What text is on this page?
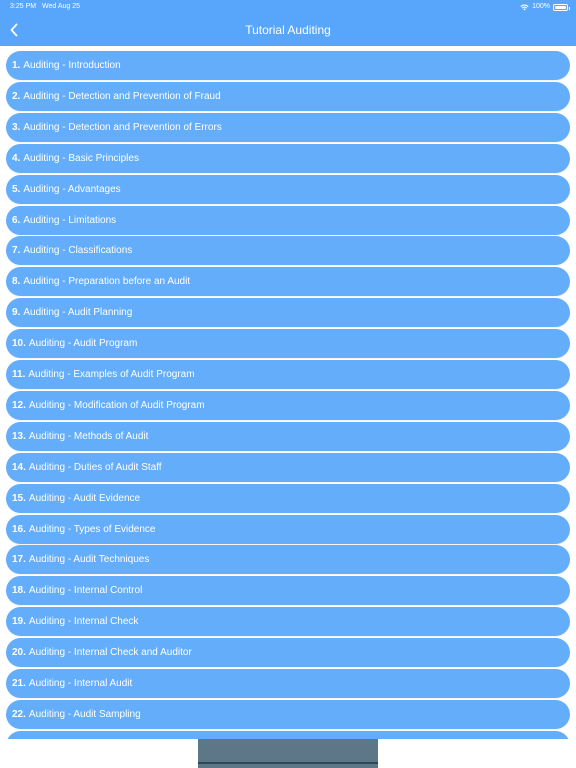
3:25 PM Wed Aug 25	100%
Tutorial Auditing
1. Auditing - Introduction
2. Auditing - Detection and Prevention of Fraud
3. Auditing - Detection and Prevention of Errors
4. Auditing - Basic Principles
5. Auditing - Advantages
6. Auditing - Limitations
7. Auditing - Classifications
8. Auditing - Preparation before an Audit
9. Auditing - Audit Planning
10. Auditing - Audit Program
11. Auditing - Examples of Audit Program
12. Auditing - Modification of Audit Program
13. Auditing - Methods of Audit
14. Auditing - Duties of Audit Staff
15. Auditing - Audit Evidence
16. Auditing - Types of Evidence
17. Auditing - Audit Techniques
18. Auditing - Internal Control
19. Auditing - Internal Check
20. Auditing - Internal Check and Auditor
21. Auditing - Internal Audit
22. Auditing - Audit Sampling
